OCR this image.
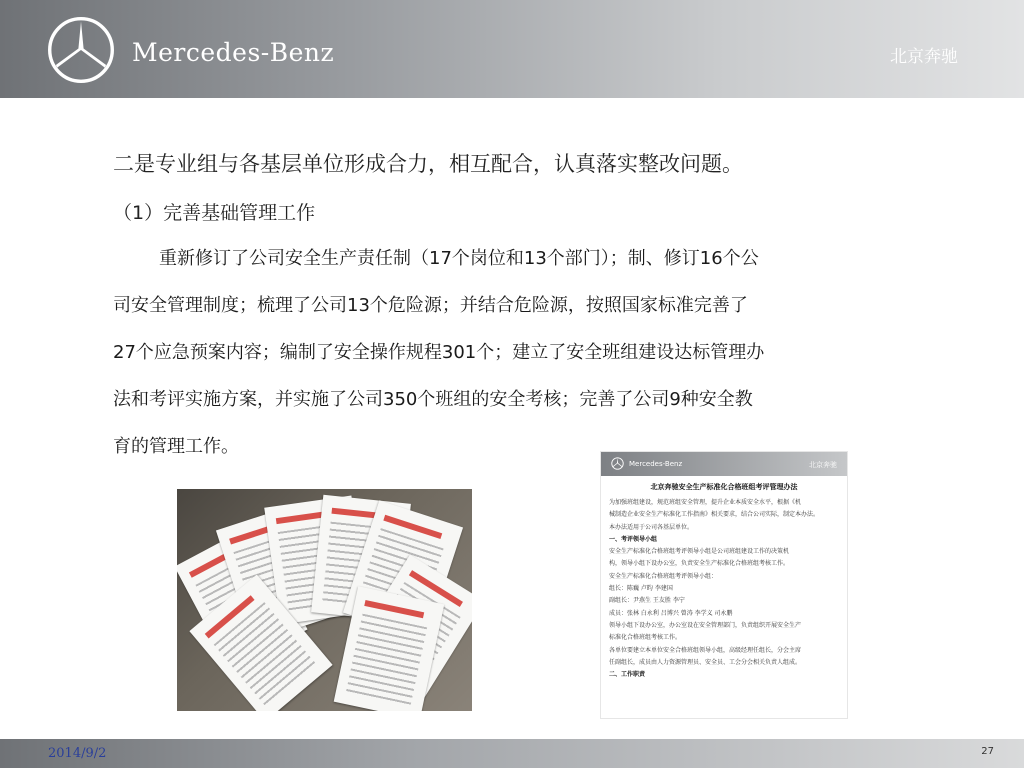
Mercedes-Benz	北京奔驰
二是专业组与各基层单位形成合力，相互配合，认真落实整改问题。
（1）完善基础管理工作
重新修订了公司安全生产责任制（17个岗位和13个部门）；制、修订16个公
司安全管理制度；梳理了公司13个危险源；并结合危险源，按照国家标准完善了
27个应急预案内容；编制了安全操作规程301个；建立了安全班组建设达标管理办
法和考评实施方案，并实施了公司350个班组的安全考核；完善了公司9种安全教
育的管理工作。
Mercedes-Benz	北京奔驰
北京奔驰安全生产标准化合格班组考评管理办法
为加强班组建设，规范班组安全管理，提升企业本质安全水平，根据《机
械制造企业安全生产标准化工作指南》相关要求，结合公司实际，制定本办法。
本办法适用于公司各基层单位。
一、考评领导小组
安全生产标准化合格班组考评领导小组是公司班组建设工作的决策机
构，领导小组下设办公室，负责安全生产标准化合格班组考核工作。
安全生产标准化合格班组考评领导小组：
组长：陈巍 卢昀 李建国
副组长：尹燕生 王友胜 李宁
成员：张林 白永利 吕博兴 曾涛 李学义 司永鹏
领导小组下设办公室，办公室设在安全管理部门，负责组织开展安全生产
标准化合格班组考核工作。
各单位要建立本单位安全合格班组领导小组，高级经理任组长，分会主席
任副组长，成员由人力资源管理员、安全员、工会分会相关负责人组成。
二、工作职责
2014/9/2	27
